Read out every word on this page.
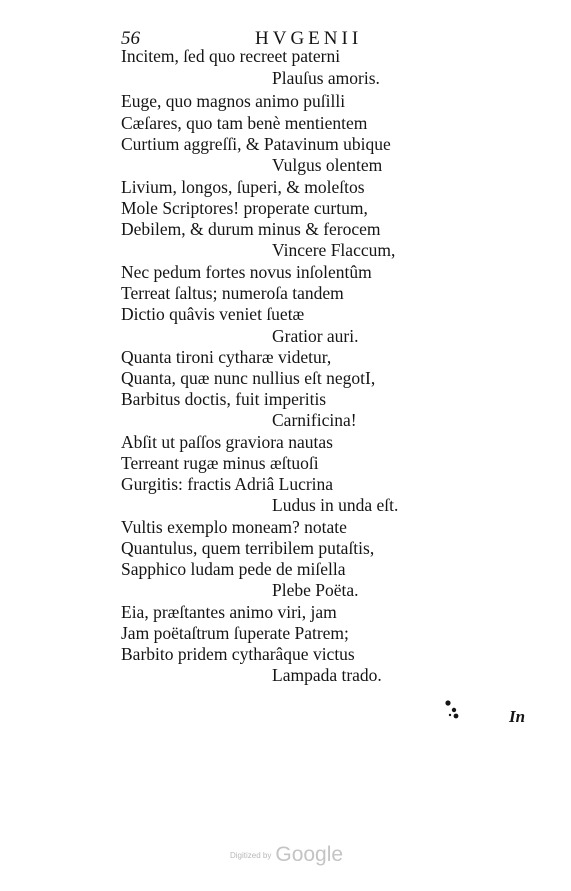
56	HVGENII
Incitem, ſed quo recreet paterni
Plauſus amoris.
Euge, quo magnos animo puſilli
Cæſares, quo tam benè mentientem
Curtium aggreſſi, & Patavinum ubique
Vulgus olentem
Livium, longos, ſuperi, & moleſtos
Mole Scriptores! properate curtum,
Debilem, & durum minus & ferocem
Vincere Flaccum,
Nec pedum fortes novus inſolentûm
Terreat ſaltus; numeroſa tandem
Dictio quâvis veniet ſuetæ
Gratior auri.
Quanta tironi cytharæ videtur,
Quanta, quæ nunc nullius eſt negotI,
Barbitus doctis, fuit imperitis
Carnificina!
Abſit ut paſſos graviora nautas
Terreant rugæ minus æſtuoſi
Gurgitis: fractis Adriâ Lucrina
Ludus in unda eſt.
Vultis exemplo moneam? notate
Quantulus, quem terribilem putaſtis,
Sapphico ludam pede de miſella
Plebe Poëta.
Eia, præſtantes animo viri, jam
Jam poëtaſtrum ſuperate Patrem;
Barbito pridem cytharâque victus
Lampada trado.
In
Digitized by Google
